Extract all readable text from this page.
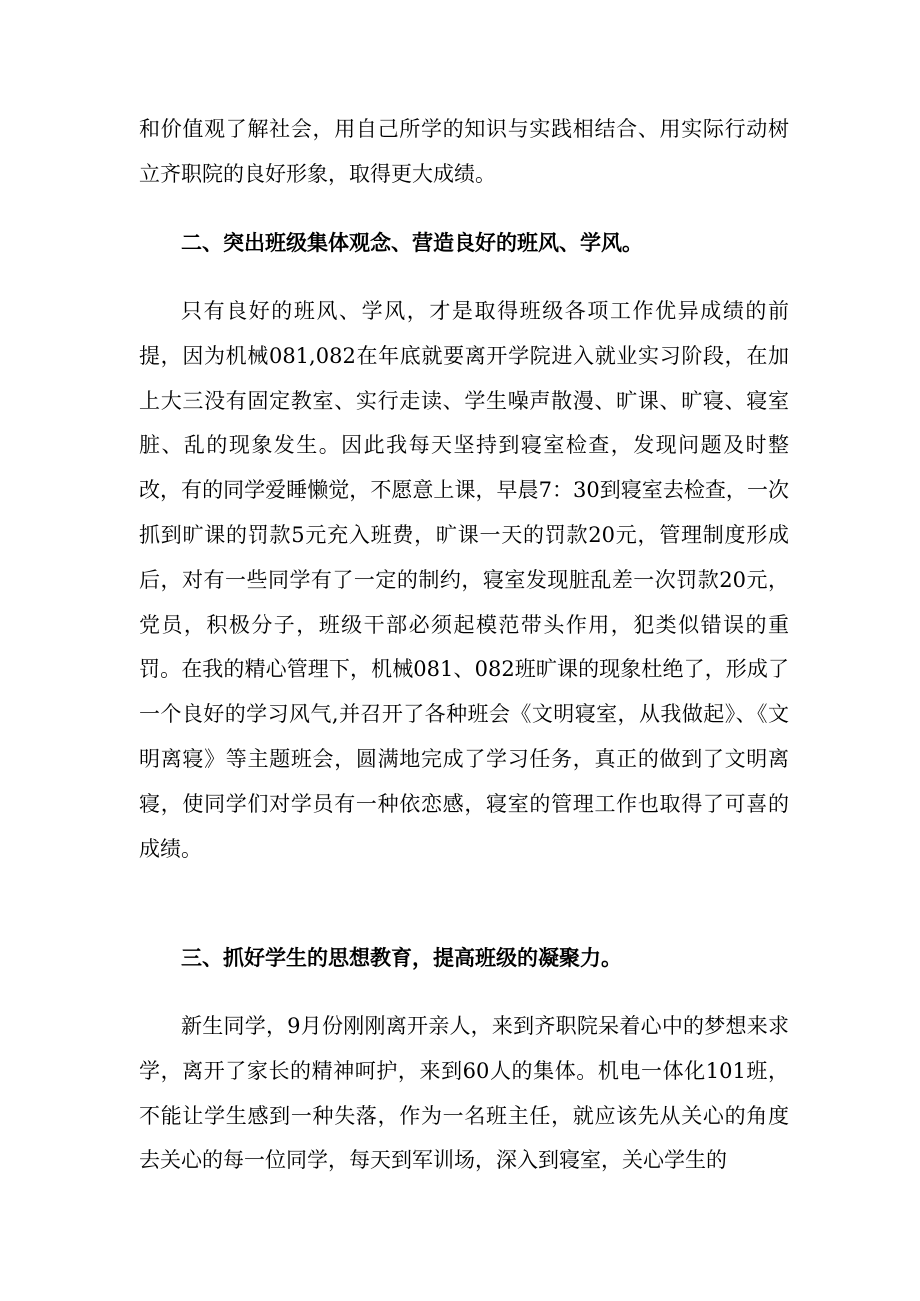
和价值观了解社会，用自己所学的知识与实践相结合、用实际行动树立齐职院的良好形象，取得更大成绩。

二、突出班级集体观念、营造良好的班风、学风。

只有良好的班风、学风，才是取得班级各项工作优异成绩的前提，因为机械081,082在年底就要离开学院进入就业实习阶段，在加上大三没有固定教室、实行走读、学生噪声散漫、旷课、旷寝、寝室脏、乱的现象发生。因此我每天坚持到寝室检查，发现问题及时整改，有的同学爱睡懒觉，不愿意上课，早晨7：30到寝室去检查，一次抓到旷课的罚款5元充入班费，旷课一天的罚款20元，管理制度形成后，对有一些同学有了一定的制约，寝室发现脏乱差一次罚款20元，党员，积极分子，班级干部必须起模范带头作用，犯类似错误的重罚。在我的精心管理下，机械081、082班旷课的现象杜绝了，形成了一个良好的学习风气,并召开了各种班会《文明寝室，从我做起》、《文明离寝》等主题班会，圆满地完成了学习任务，真正的做到了文明离寝，使同学们对学员有一种依恋感，寝室的管理工作也取得了可喜的成绩。

三、抓好学生的思想教育，提高班级的凝聚力。

新生同学，9月份刚刚离开亲人，来到齐职院呆着心中的梦想来求学，离开了家长的精神呵护，来到60人的集体。机电一体化101班，不能让学生感到一种失落，作为一名班主任，就应该先从关心的角度去关心的每一位同学，每天到军训场，深入到寝室，关心学生的
